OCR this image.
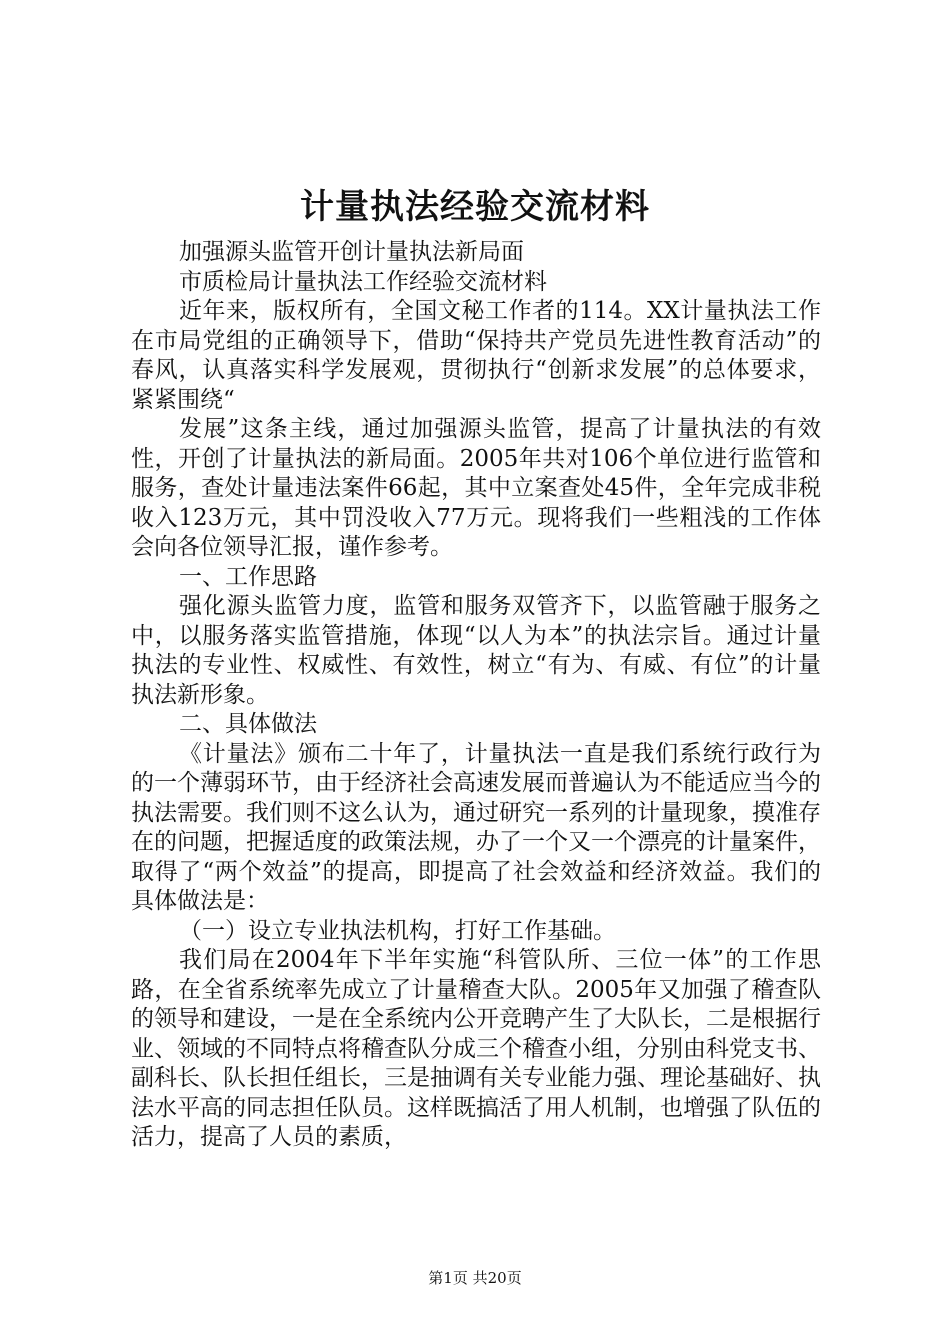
计量执法经验交流材料

加强源头监管开创计量执法新局面

市质检局计量执法工作经验交流材料

近年来，版权所有，全国文秘工作者的114。XX计量执法工作在市局党组的正确领导下，借助“保持共产党员先进性教育活动”的春风，认真落实科学发展观，贯彻执行“创新求发展”的总体要求，紧紧围绕“

发展”这条主线，通过加强源头监管，提高了计量执法的有效性，开创了计量执法的新局面。2005年共对106个单位进行监管和服务，查处计量违法案件66起，其中立案查处45件，全年完成非税收入123万元，其中罚没收入77万元。现将我们一些粗浅的工作体会向各位领导汇报，谨作参考。

一、工作思路

强化源头监管力度，监管和服务双管齐下，以监管融于服务之中，以服务落实监管措施，体现“以人为本”的执法宗旨。通过计量执法的专业性、权威性、有效性，树立“有为、有威、有位”的计量执法新形象。

二、具体做法

《计量法》颁布二十年了，计量执法一直是我们系统行政行为的一个薄弱环节，由于经济社会高速发展而普遍认为不能适应当今的执法需要。我们则不这么认为，通过研究一系列的计量现象，摸准存在的问题，把握适度的政策法规，办了一个又一个漂亮的计量案件，取得了“两个效益”的提高，即提高了社会效益和经济效益。我们的具体做法是：

（一）设立专业执法机构，打好工作基础。

我们局在2004年下半年实施“科管队所、三位一体”的工作思路，在全省系统率先成立了计量稽查大队。2005年又加强了稽查队的领导和建设，一是在全系统内公开竞聘产生了大队长，二是根据行业、领域的不同特点将稽查队分成三个稽查小组，分别由科党支书、副科长、队长担任组长，三是抽调有关专业能力强、理论基础好、执法水平高的同志担任队员。这样既搞活了用人机制，也增强了队伍的活力，提高了人员的素质，

第1页 共20页
